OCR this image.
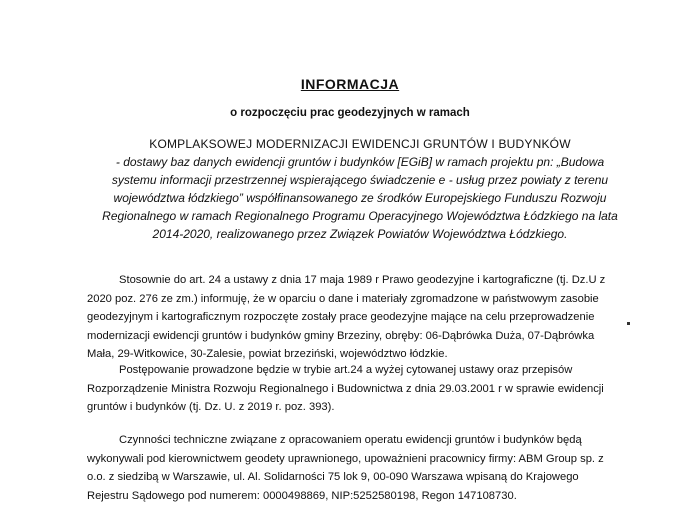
INFORMACJA
o rozpoczęciu prac geodezyjnych w ramach
KOMPLAKSOWEJ MODERNIZACJI EWIDENCJI GRUNTÓW I BUDYNKÓW
- dostawy baz danych ewidencji gruntów i budynków [EGiB] w ramach projektu pn: „Budowa systemu informacji przestrzennej wspierającego świadczenie e - usług przez powiaty z terenu województwa łódzkiego” współfinansowanego ze środków Europejskiego Funduszu Rozwoju Regionalnego w ramach Regionalnego Programu Operacyjnego Województwa Łódzkiego na lata 2014-2020, realizowanego przez Związek Powiatów Województwa Łódzkiego.
Stosownie do art. 24 a ustawy z dnia 17 maja 1989 r Prawo geodezyjne i kartograficzne (tj. Dz.U z 2020 poz. 276 ze zm.) informuję, że w oparciu o dane i materiały zgromadzone w państwowym zasobie geodezyjnym i kartograficznym rozpoczęte zostały prace geodezyjne mające na celu przeprowadzenie modernizacji ewidencji gruntów i budynków gminy Brzeziny, obręby: 06-Dąbrówka Duża, 07-Dąbrówka Mała, 29-Witkowice, 30-Zalesie, powiat brzeziński, województwo łódzkie.
Postępowanie prowadzone będzie w trybie art.24 a wyżej cytowanej ustawy oraz przepisów Rozporządzenie Ministra Rozwoju Regionalnego i Budownictwa z dnia 29.03.2001 r w sprawie ewidencji gruntów i budynków (tj. Dz. U. z 2019 r. poz. 393).
Czynności techniczne związane z opracowaniem operatu ewidencji gruntów i budynków będą wykonywali pod kierownictwem geodety uprawnionego, upoważnieni pracownicy firmy: ABM Group sp. z o.o. z siedzibą w Warszawie, ul. Al. Solidarności 75 lok 9, 00-090 Warszawa wpisaną do Krajowego Rejestru Sądowego pod numerem: 0000498869, NIP:5252580198, Regon 147108730.
